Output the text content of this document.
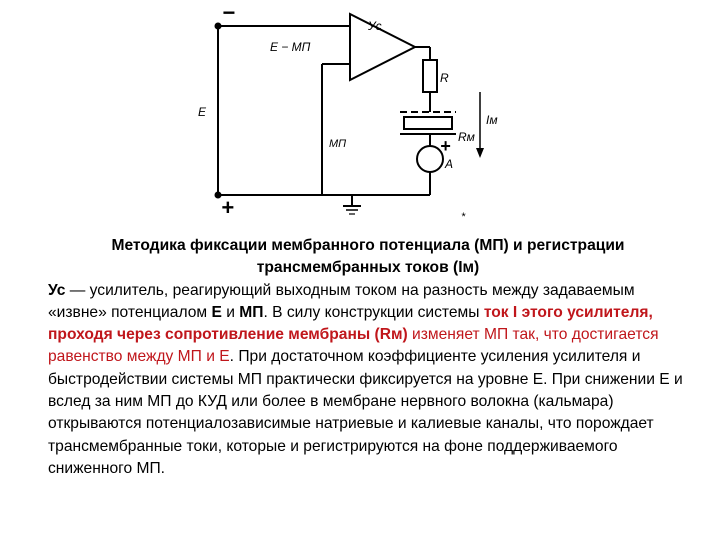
−
+
Уc
E − МП
R
E
МП
Iм
Rм
+
A
*
Методика фиксации мембранного потенциала (МП) и регистрации
трансмембранных токов (Iм)
Ус — усилитель, реагирующий выходным током на разность между задаваемым «извне» потенциалом Е и МП. В силу конструкции системы ток I этого усилителя, проходя через сопротивление мембраны (Rм) изменяет МП так, что достигается равенство между МП и Е. При достаточном коэффициенте усиления усилителя и быстродействии системы МП практически фиксируется на уровне Е. При снижении Е и вслед за ним МП до КУД или более в мембране нервного волокна (кальмара) открываются потенциалозависимые натриевые и калиевые каналы, что порождает трансмембранные токи, которые и регистрируются на фоне поддерживаемого сниженного МП.
